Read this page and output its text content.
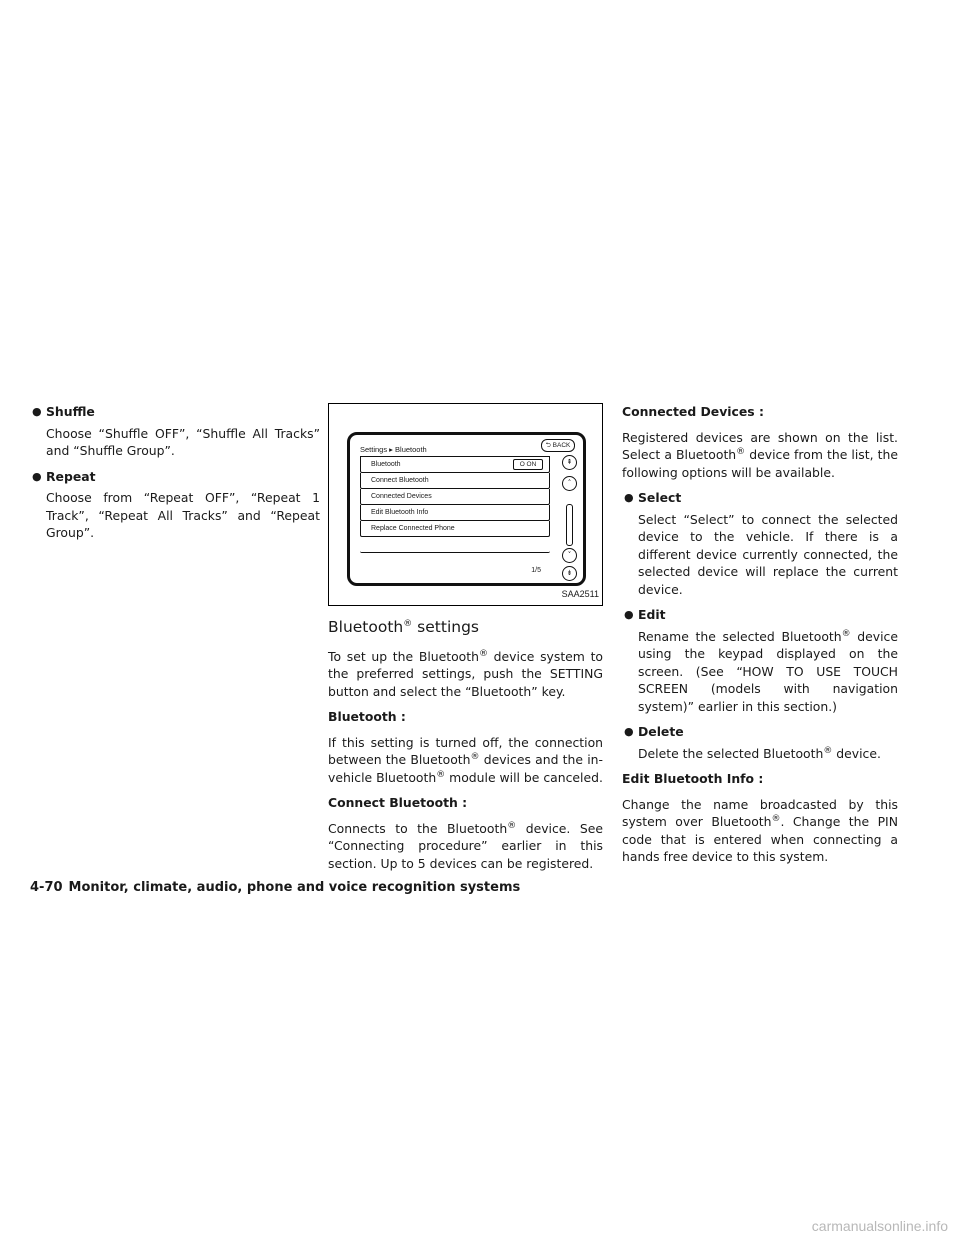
● Shuffle

Choose “Shuffle OFF”, “Shuffle All Tracks” and “Shuffle Group”.

● Repeat

Choose from “Repeat OFF”, “Repeat 1 Track”, “Repeat All Tracks” and “Repeat Group”.

Settings ▸ Bluetooth	⮌ BACK
Bluetooth	O ON
Connect Bluetooth
Connected Devices
Edit Bluetooth Info
Replace Connected Phone
⇞
˄
˅
⇟
1/5
SAA2511
Bluetooth® settings

To set up the Bluetooth® device system to the preferred settings, push the SETTING button and select the “Bluetooth” key.

Bluetooth :

If this setting is turned off, the connection between the Bluetooth® devices and the in-vehicle Bluetooth® module will be canceled.

Connect Bluetooth :

Connects to the Bluetooth® device. See “Connecting procedure” earlier in this section. Up to 5 devices can be registered.

Connected Devices :

Registered devices are shown on the list. Select a Bluetooth® device from the list, the following options will be available.

● Select

Select “Select” to connect the selected device to the vehicle. If there is a different device currently connected, the selected device will replace the current device.

● Edit

Rename the selected Bluetooth® device using the keypad displayed on the screen. (See “HOW TO USE TOUCH SCREEN (models with navigation system)” earlier in this section.)

● Delete

Delete the selected Bluetooth® device.

Edit Bluetooth Info :

Change the name broadcasted by this system over Bluetooth®. Change the PIN code that is entered when connecting a hands free device to this system.

4-70 Monitor, climate, audio, phone and voice recognition systems
carmanualsonline.info
